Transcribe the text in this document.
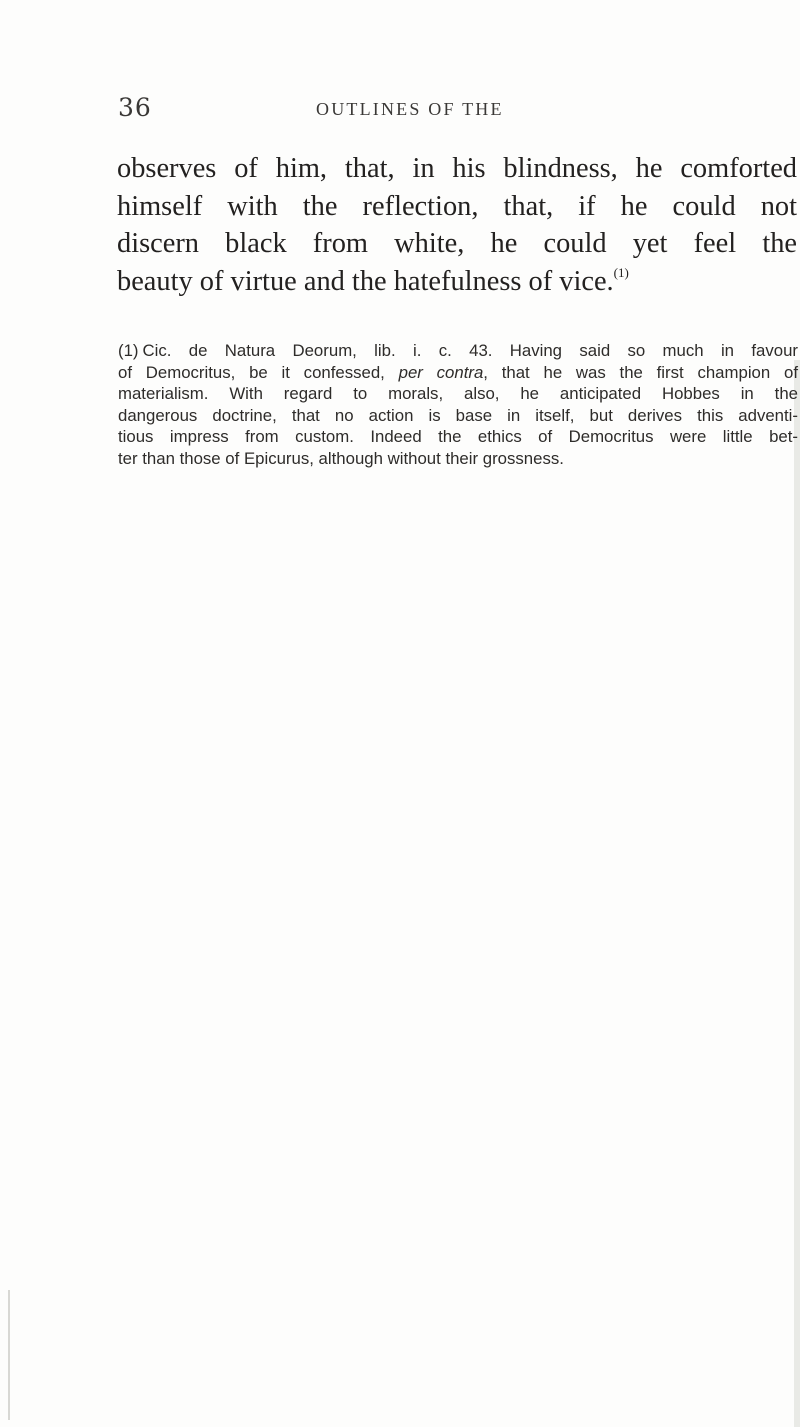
36	OUTLINES OF THE
observes of him, that, in his blindness, he comforted
himself with the reflection, that, if he could not
discern black from white, he could yet feel the
beauty of virtue and the hatefulness of vice.$^{(1)}$
(1) Cic. de Natura Deorum, lib. i. c. 43. Having said so much in favour
of Democritus, be it confessed, per contra, that he was the first champion of
materialism. With regard to morals, also, he anticipated Hobbes in the
dangerous doctrine, that no action is base in itself, but derives this adventi-
tious impress from custom. Indeed the ethics of Democritus were little bet-
ter than those of Epicurus, although without their grossness.
